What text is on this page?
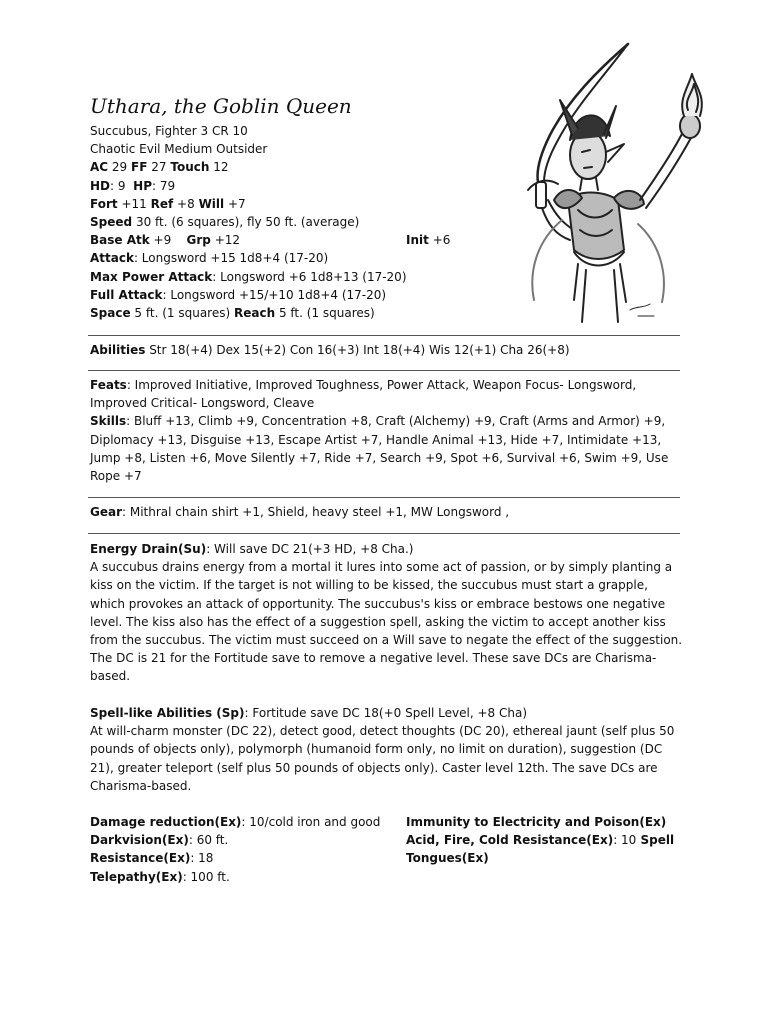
Uthara, the Goblin Queen
Succubus, Fighter 3 CR 10
Chaotic Evil Medium Outsider
AC 29 FF 27 Touch 12
HD: 9 HP: 79
Fort +11 Ref +8 Will +7
Speed 30 ft. (6 squares), fly 50 ft. (average)
Base Atk +9 Grp +12	Init +6
Attack: Longsword +15 1d8+4 (17-20)
Max Power Attack: Longsword +6 1d8+13 (17-20)
Full Attack: Longsword +15/+10 1d8+4 (17-20)
Space 5 ft. (1 squares) Reach 5 ft. (1 squares)

Abilities Str 18(+4) Dex 15(+2) Con 16(+3) Int 18(+4) Wis 12(+1) Cha 26(+8)

Feats: Improved Initiative, Improved Toughness, Power Attack, Weapon Focus- Longsword, Improved Critical- Longsword, Cleave

Skills: Bluff +13, Climb +9, Concentration +8, Craft (Alchemy) +9, Craft (Arms and Armor) +9, Diplomacy +13, Disguise +13, Escape Artist +7, Handle Animal +13, Hide +7, Intimidate +13, Jump +8, Listen +6, Move Silently +7, Ride +7, Search +9, Spot +6, Survival +6, Swim +9, Use Rope +7

Gear: Mithral chain shirt +1, Shield, heavy steel +1, MW Longsword ,

Energy Drain(Su): Will save DC 21(+3 HD, +8 Cha.)

A succubus drains energy from a mortal it lures into some act of passion, or by simply planting a kiss on the victim. If the target is not willing to be kissed, the succubus must start a grapple, which provokes an attack of opportunity. The succubus's kiss or embrace bestows one negative level. The kiss also has the effect of a suggestion spell, asking the victim to accept another kiss from the succubus. The victim must succeed on a Will save to negate the effect of the suggestion. The DC is 21 for the Fortitude save to remove a negative level. These save DCs are Charisma-based.

Spell-like Abilities (Sp): Fortitude save DC 18(+0 Spell Level, +8 Cha)

At will-charm monster (DC 22), detect good, detect thoughts (DC 20), ethereal jaunt (self plus 50 pounds of objects only), polymorph (humanoid form only, no limit on duration), suggestion (DC 21), greater teleport (self plus 50 pounds of objects only). Caster level 12th. The save DCs are Charisma-based.

Damage reduction(Ex): 10/cold iron and good
Darkvision(Ex): 60 ft.
Resistance(Ex): 18
Telepathy(Ex): 100 ft.
Immunity to Electricity and Poison(Ex)
Acid, Fire, Cold Resistance(Ex): 10 Spell
Tongues(Ex)
